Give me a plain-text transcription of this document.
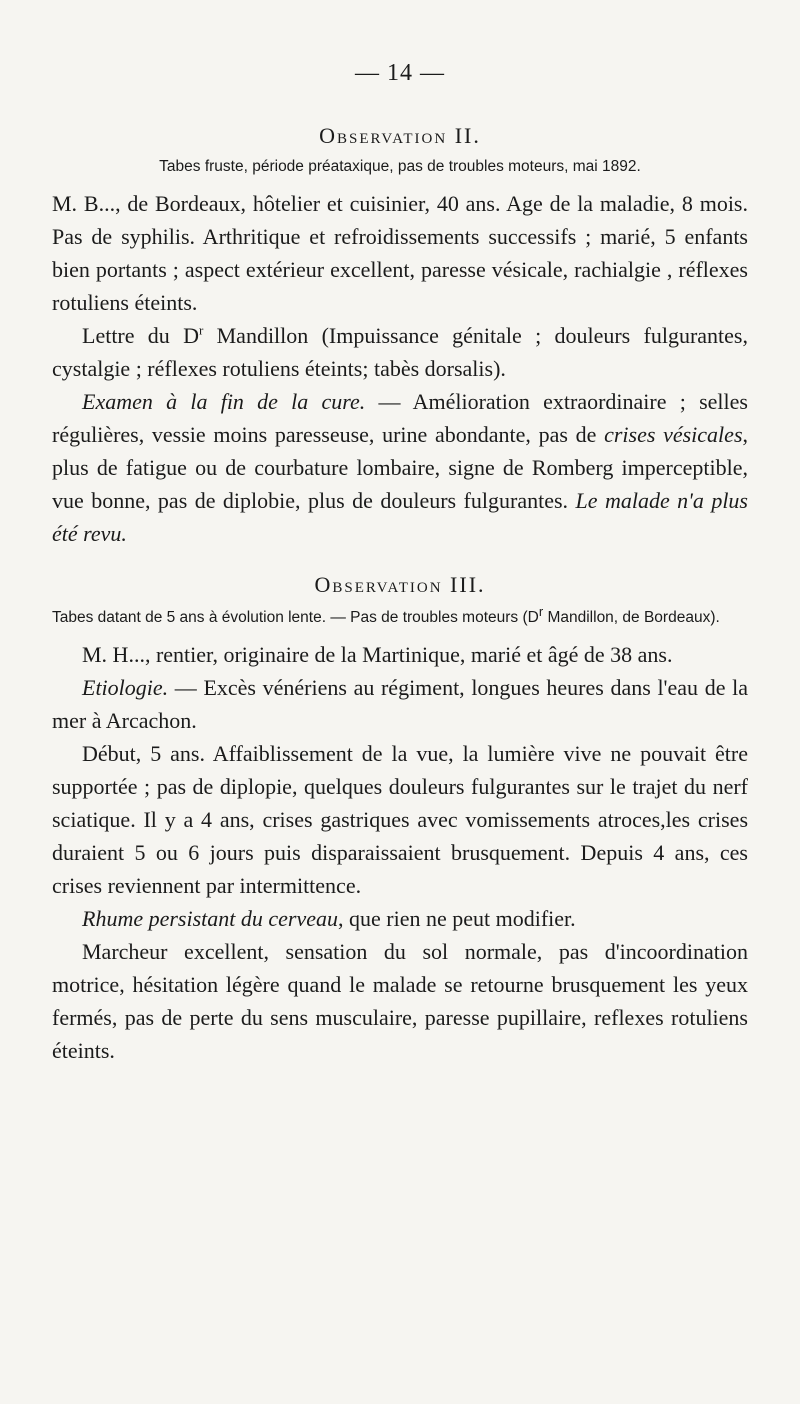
— 14 —
Observation II.
Tabes fruste, période préataxique, pas de troubles moteurs, mai 1892.

M. B..., de Bordeaux, hôtelier et cuisinier, 40 ans. Age de la maladie, 8 mois. Pas de syphilis. Arthritique et refroidissements successifs ; marié, 5 enfants bien portants ; aspect extérieur excellent, paresse vésicale, rachialgie , réflexes rotuliens éteints.

Lettre du $D^r$ Mandillon (Impuissance génitale ; douleurs fulgurantes, cystalgie ; réflexes rotuliens éteints; tabès dorsalis).

Examen à la fin de la cure. — Amélioration extraordinaire ; selles régulières, vessie moins paresseuse, urine abondante, pas de crises vésicales, plus de fatigue ou de courbature lombaire, signe de Romberg imperceptible, vue bonne, pas de diplobie, plus de douleurs fulgurantes. Le malade n'a plus été revu.

Observation III.
Tabes datant de 5 ans à évolution lente. — Pas de troubles moteurs ($D^r$ Mandillon, de Bordeaux).

M. H..., rentier, originaire de la Martinique, marié et âgé de 38 ans.

Etiologie. — Excès vénériens au régiment, longues heures dans l'eau de la mer à Arcachon.

Début, 5 ans. Affaiblissement de la vue, la lumière vive ne pouvait être supportée ; pas de diplopie, quelques douleurs fulgurantes sur le trajet du nerf sciatique. Il y a 4 ans, crises gastriques avec vomissements atroces,les crises duraient 5 ou 6 jours puis disparaissaient brusquement. Depuis 4 ans, ces crises reviennent par intermittence.

Rhume persistant du cerveau, que rien ne peut modifier.

Marcheur excellent, sensation du sol normale, pas d'incoordination motrice, hésitation légère quand le malade se retourne brusquement les yeux fermés, pas de perte du sens musculaire, paresse pupillaire, reflexes rotuliens éteints.
